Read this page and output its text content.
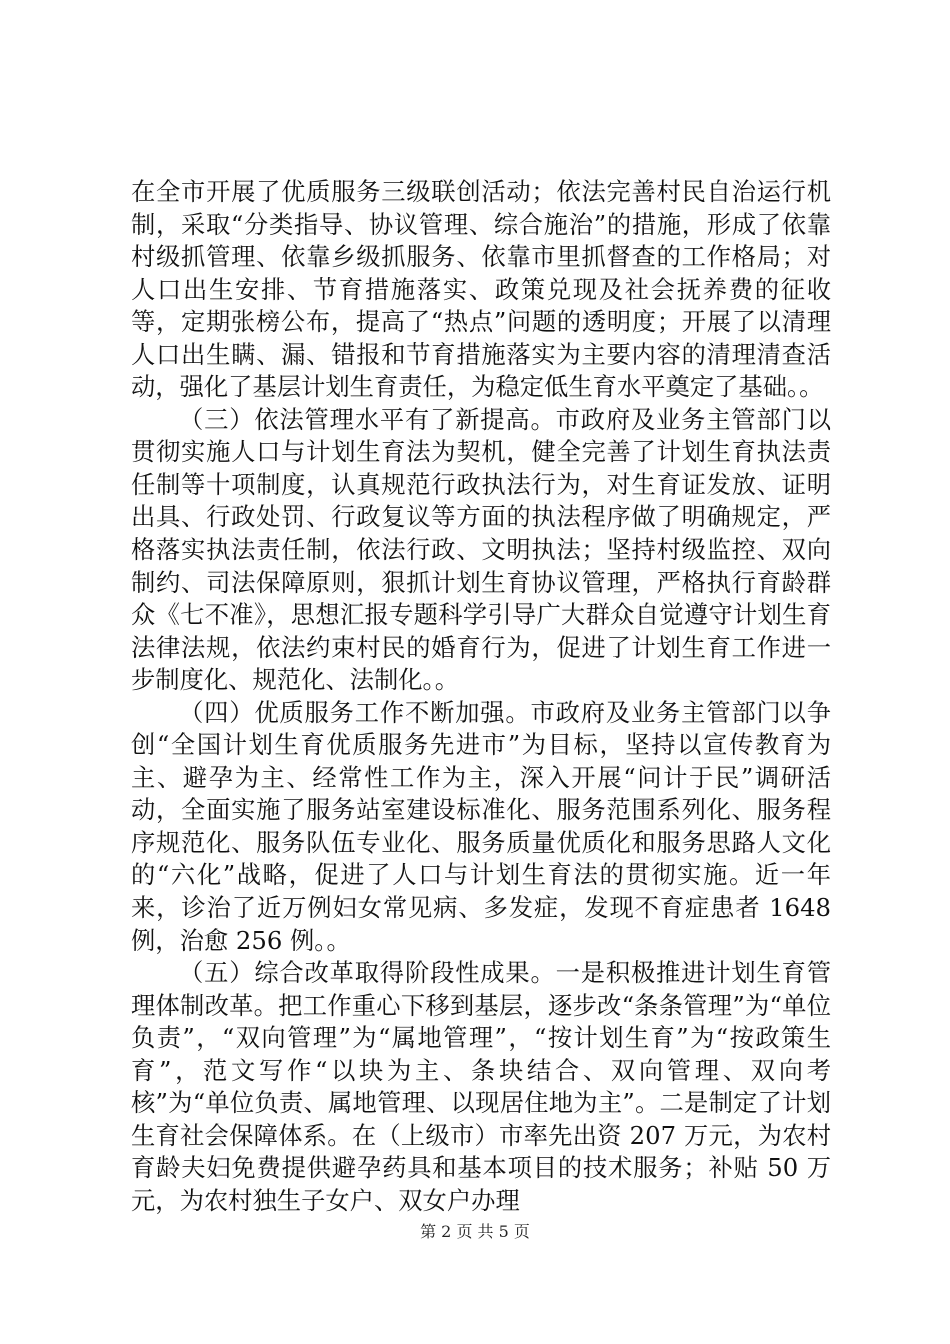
在全市开展了优质服务三级联创活动；依法完善村民自治运行机制，采取“分类指导、协议管理、综合施治”的措施，形成了依靠村级抓管理、依靠乡级抓服务、依靠市里抓督查的工作格局；对人口出生安排、节育措施落实、政策兑现及社会抚养费的征收等，定期张榜公布，提高了“热点”问题的透明度；开展了以清理人口出生瞒、漏、错报和节育措施落实为主要内容的清理清查活动，强化了基层计划生育责任，为稳定低生育水平奠定了基础。。

（三）依法管理水平有了新提高。市政府及业务主管部门以贯彻实施人口与计划生育法为契机，健全完善了计划生育执法责任制等十项制度，认真规范行政执法行为，对生育证发放、证明出具、行政处罚、行政复议等方面的执法程序做了明确规定，严格落实执法责任制，依法行政、文明执法；坚持村级监控、双向制约、司法保障原则，狠抓计划生育协议管理，严格执行育龄群众《七不准》，思想汇报专题科学引导广大群众自觉遵守计划生育法律法规，依法约束村民的婚育行为，促进了计划生育工作进一步制度化、规范化、法制化。。

（四）优质服务工作不断加强。市政府及业务主管部门以争创“全国计划生育优质服务先进市”为目标，坚持以宣传教育为主、避孕为主、经常性工作为主，深入开展“问计于民”调研活动，全面实施了服务站室建设标准化、服务范围系列化、服务程序规范化、服务队伍专业化、服务质量优质化和服务思路人文化的“六化”战略，促进了人口与计划生育法的贯彻实施。近一年来，诊治了近万例妇女常见病、多发症，发现不育症患者 1648 例，治愈 256 例。。

（五）综合改革取得阶段性成果。一是积极推进计划生育管理体制改革。把工作重心下移到基层，逐步改“条条管理”为“单位负责”，“双向管理”为“属地管理”，“按计划生育”为“按政策生育”，范文写作“以块为主、条块结合、双向管理、双向考核”为“单位负责、属地管理、以现居住地为主”。二是制定了计划生育社会保障体系。在（上级市）市率先出资 207 万元，为农村育龄夫妇免费提供避孕药具和基本项目的技术服务；补贴 50 万元，为农村独生子女户、双女户办理

第 2 页 共 5 页
